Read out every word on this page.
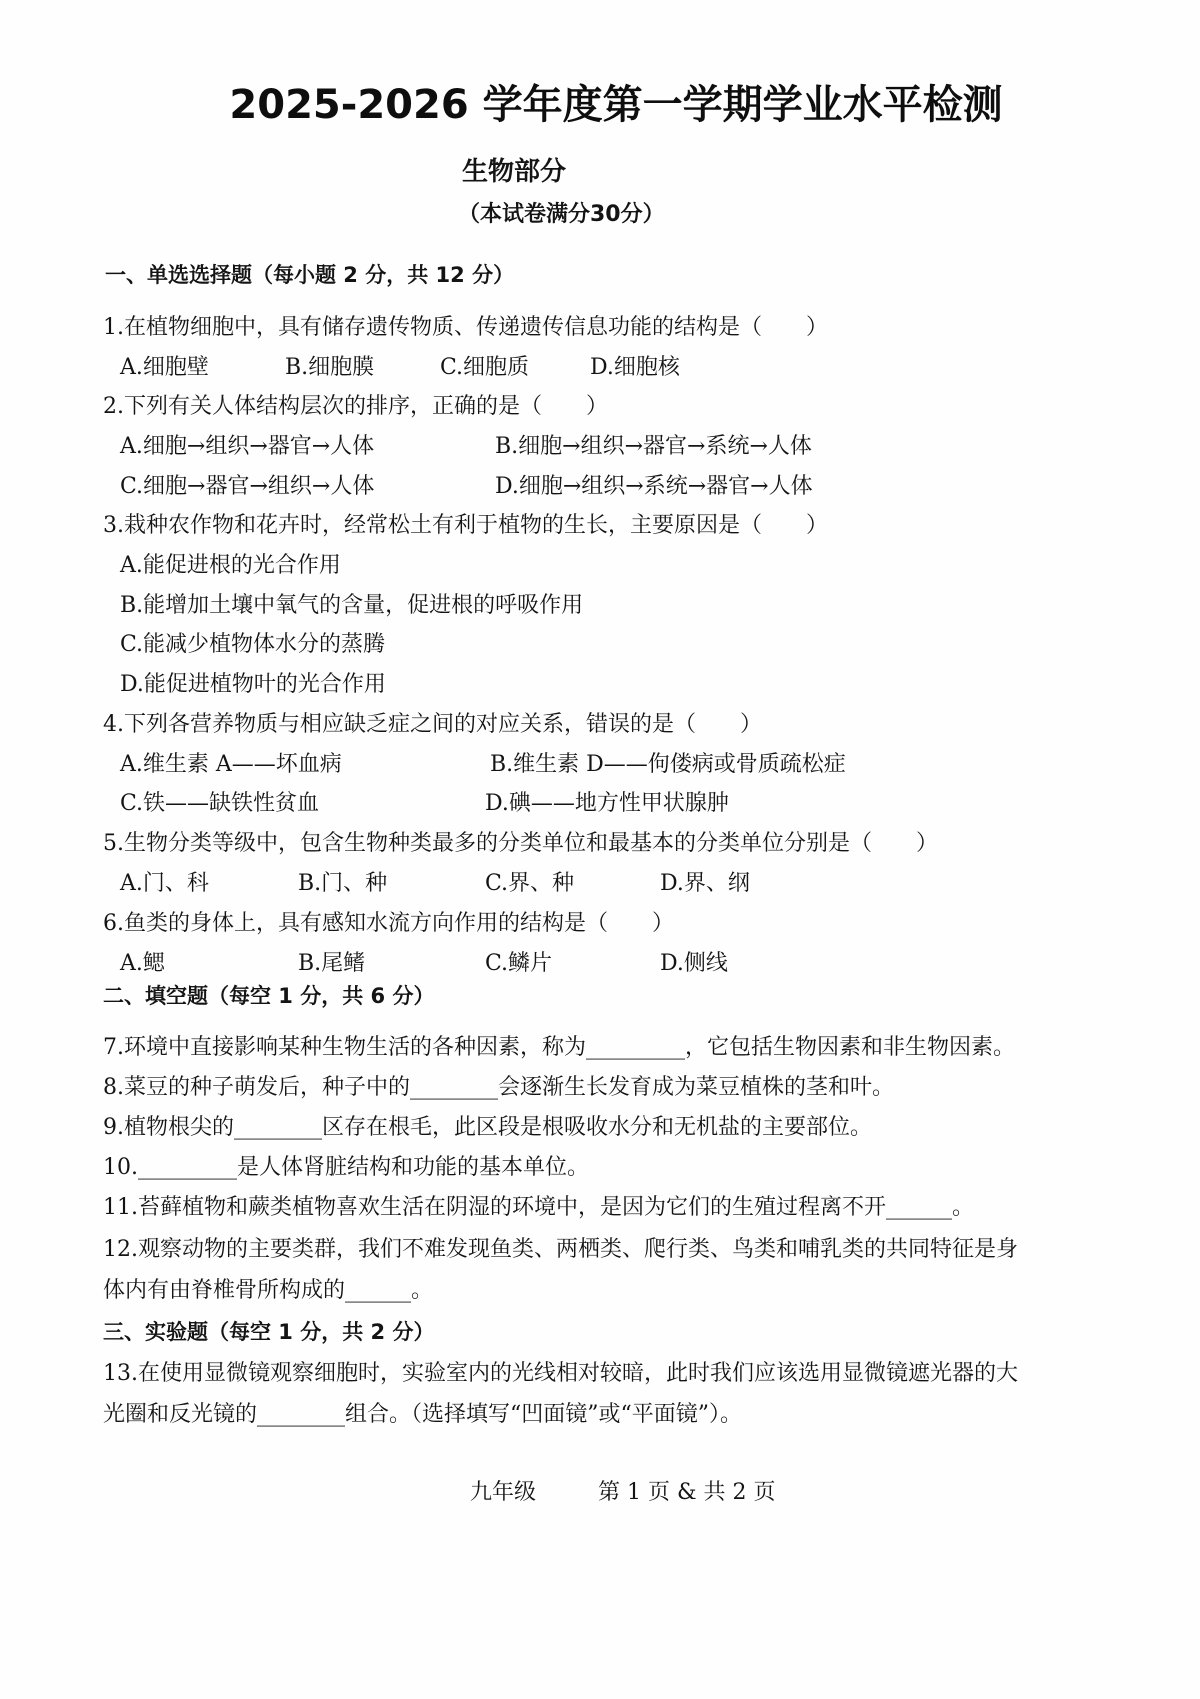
2025-2026 学年度第一学期学业水平检测
生物部分
（本试卷满分30分）
一、单选选择题（每小题 2 分，共 12 分）
1.在植物细胞中，具有储存遗传物质、传递遗传信息功能的结构是（　　）
A.细胞壁	B.细胞膜	C.细胞质	D.细胞核
2.下列有关人体结构层次的排序，正确的是（　　）
A.细胞→组织→器官→人体	B.细胞→组织→器官→系统→人体
C.细胞→器官→组织→人体	D.细胞→组织→系统→器官→人体
3.栽种农作物和花卉时，经常松土有利于植物的生长，主要原因是（　　）
A.能促进根的光合作用
B.能增加土壤中氧气的含量，促进根的呼吸作用
C.能减少植物体水分的蒸腾
D.能促进植物叶的光合作用
4.下列各营养物质与相应缺乏症之间的对应关系，错误的是（　　）
A.维生素 A——坏血病	B.维生素 D——佝偻病或骨质疏松症
C.铁——缺铁性贫血	D.碘——地方性甲状腺肿
5.生物分类等级中，包含生物种类最多的分类单位和最基本的分类单位分别是（　　）
A.门、科	B.门、种	C.界、种	D.界、纲
6.鱼类的身体上，具有感知水流方向作用的结构是（　　）
A.鳃	B.尾鳍	C.鳞片	D.侧线
二、填空题（每空 1 分，共 6 分）
7.环境中直接影响某种生物生活的各种因素，称为_________，它包括生物因素和非生物因素。
8.菜豆的种子萌发后，种子中的________会逐渐生长发育成为菜豆植株的茎和叶。
9.植物根尖的________区存在根毛，此区段是根吸收水分和无机盐的主要部位。
10._________是人体肾脏结构和功能的基本单位。
11.苔藓植物和蕨类植物喜欢生活在阴湿的环境中，是因为它们的生殖过程离不开______。
12.观察动物的主要类群，我们不难发现鱼类、两栖类、爬行类、鸟类和哺乳类的共同特征是身
体内有由脊椎骨所构成的______。
三、实验题（每空 1 分，共 2 分）
13.在使用显微镜观察细胞时，实验室内的光线相对较暗，此时我们应该选用显微镜遮光器的大
光圈和反光镜的________组合。（选择填写“凹面镜”或“平面镜”）。
九年级	第 1 页 & 共 2 页
